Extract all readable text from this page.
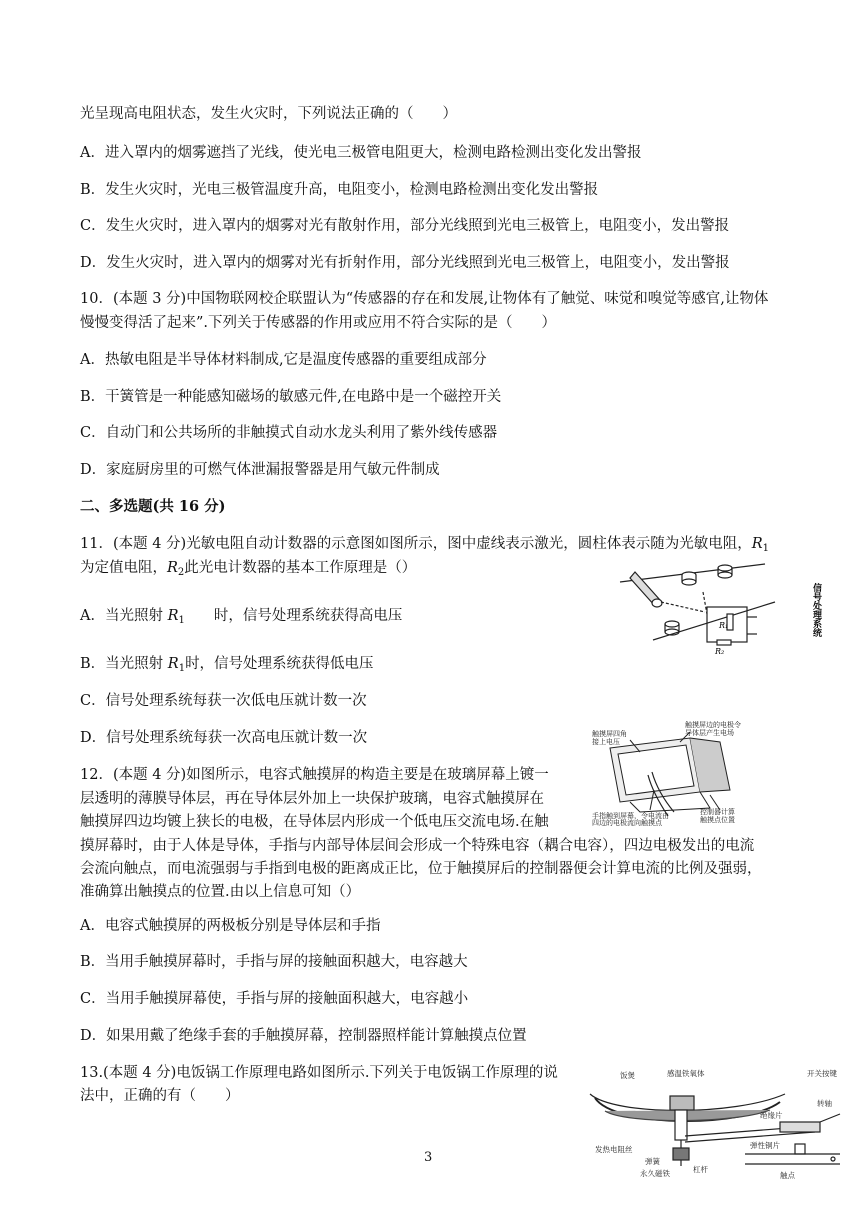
光呈现高电阻状态，发生火灾时，下列说法正确的（　　）
A．进入罩内的烟雾遮挡了光线，使光电三极管电阻更大，检测电路检测出变化发出警报
B．发生火灾时，光电三极管温度升高，电阻变小，检测电路检测出变化发出警报
C．发生火灾时，进入罩内的烟雾对光有散射作用，部分光线照到光电三极管上，电阻变小，发出警报
D．发生火灾时，进入罩内的烟雾对光有折射作用，部分光线照到光电三极管上，电阻变小，发出警报
10．(本题 3 分)中国物联网校企联盟认为“传感器的存在和发展,让物体有了触觉、味觉和嗅觉等感官,让物体
慢慢变得活了起来”.下列关于传感器的作用或应用不符合实际的是（　　）
A．热敏电阻是半导体材料制成,它是温度传感器的重要组成部分
B．干簧管是一种能感知磁场的敏感元件,在电路中是一个磁控开关
C．自动门和公共场所的非触摸式自动水龙头利用了紫外线传感器
D．家庭厨房里的可燃气体泄漏报警器是用气敏元件制成
二、多选题(共 16 分)
11．(本题 4 分)光敏电阻自动计数器的示意图如图所示，图中虚线表示激光，圆柱体表示随为光敏电阻，$R_1$
为定值电阻，$R_2$此光电计数器的基本工作原理是（）
A．当光照射 $R_1$　　时，信号处理系统获得高电压
B．当光照射 $R_1$时，信号处理系统获得低电压
C．信号处理系统每获一次低电压就计数一次
D．信号处理系统每获一次高电压就计数一次
R₁
R₂
信号处理系统
12．(本题 4 分)如图所示，电容式触摸屏的构造主要是在玻璃屏幕上镀一
层透明的薄膜导体层，再在导体层外加上一块保护玻璃，电容式触摸屏在
触摸屏四边均镀上狭长的电极，在导体层内形成一个低电压交流电场.在触
摸屏幕时，由于人体是导体，手指与内部导体层间会形成一个特殊电容（耦合电容），四边电极发出的电流
会流向触点，而电流强弱与手指到电极的距离成正比，位于触摸屏后的控制器便会计算电流的比例及强弱，
准确算出触摸点的位置.由以上信息可知（）
A．电容式触摸屏的两极板分别是导体层和手指
B．当用手触摸屏幕时，手指与屏的接触面积越大，电容越大
C．当用手触摸屏幕使，手指与屏的接触面积越大，电容越小
D．如果用戴了绝缘手套的手触摸屏幕，控制器照样能计算触摸点位置
触摸屏边的电极令
导体层产生电场
触摸屏四角
接上电压
手指触到屏幕，令电流由
四边的电极流向触摸点
控制器计算
触摸点位置
13.(本题 4 分)电饭锅工作原理电路如图所示.下列关于电饭锅工作原理的说
法中，正确的有（　　）
饭煲	感温铁氧体	开关按键
转轴
绝缘片
弹性铜片
发热电阻丝
弹簧
永久磁铁	杠杆
触点
3
